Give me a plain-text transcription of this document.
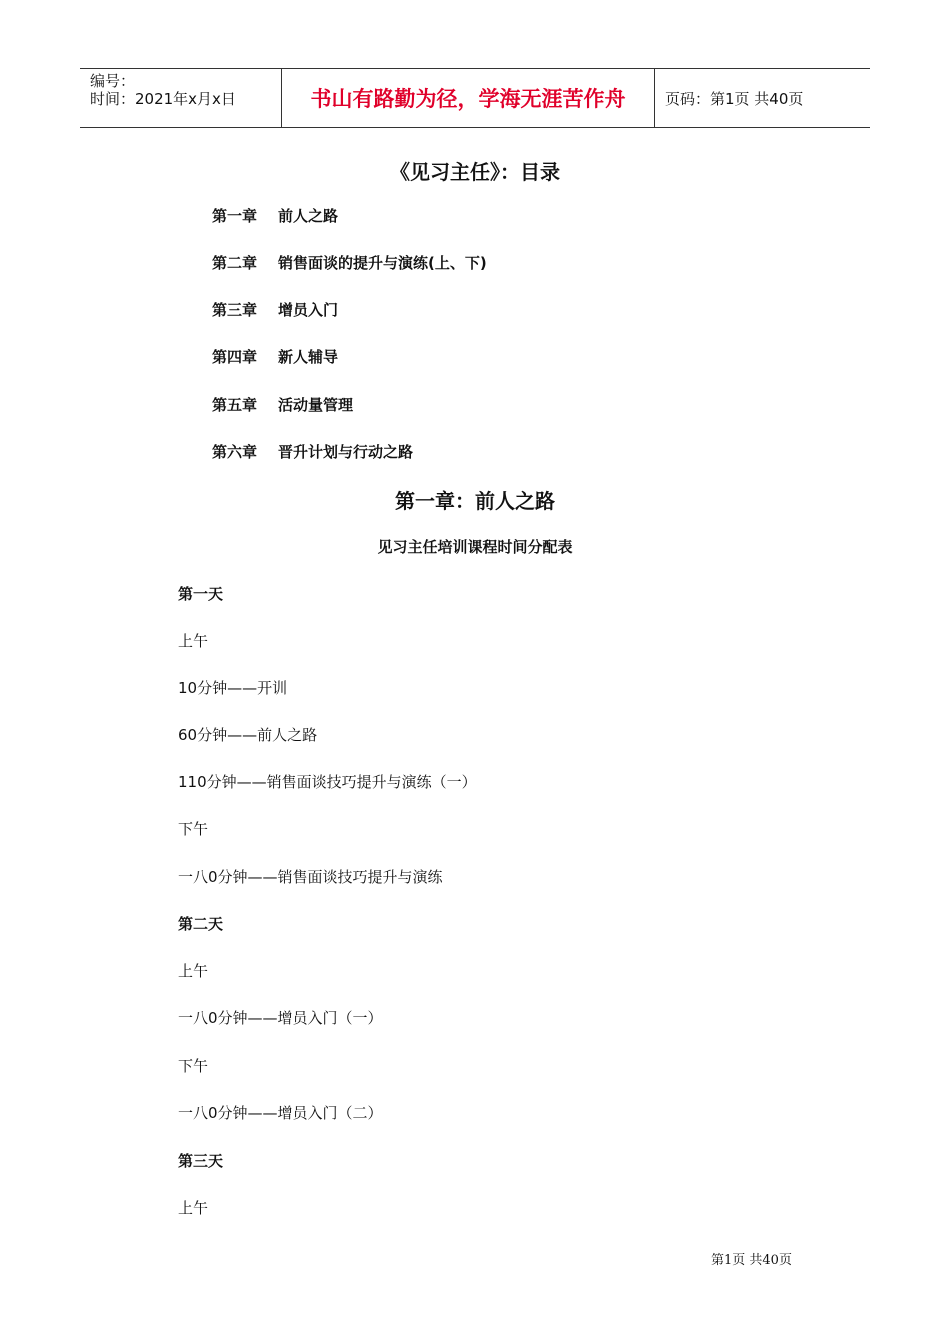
编号：
时间：2021年x月x日	书山有路勤为径，学海无涯苦作舟	页码：第1页 共40页
《见习主任》：目录
第一章 前人之路
第二章 销售面谈的提升与演练(上、下)
第三章 增员入门
第四章 新人辅导
第五章 活动量管理
第六章 晋升计划与行动之路
第一章：前人之路
见习主任培训课程时间分配表
第一天
上午
10分钟——开训
60分钟——前人之路
110分钟——销售面谈技巧提升与演练（一）
下午
一八0分钟——销售面谈技巧提升与演练
第二天
上午
一八0分钟——增员入门（一）
下午
一八0分钟——增员入门（二）
第三天
上午
第1页 共40页
